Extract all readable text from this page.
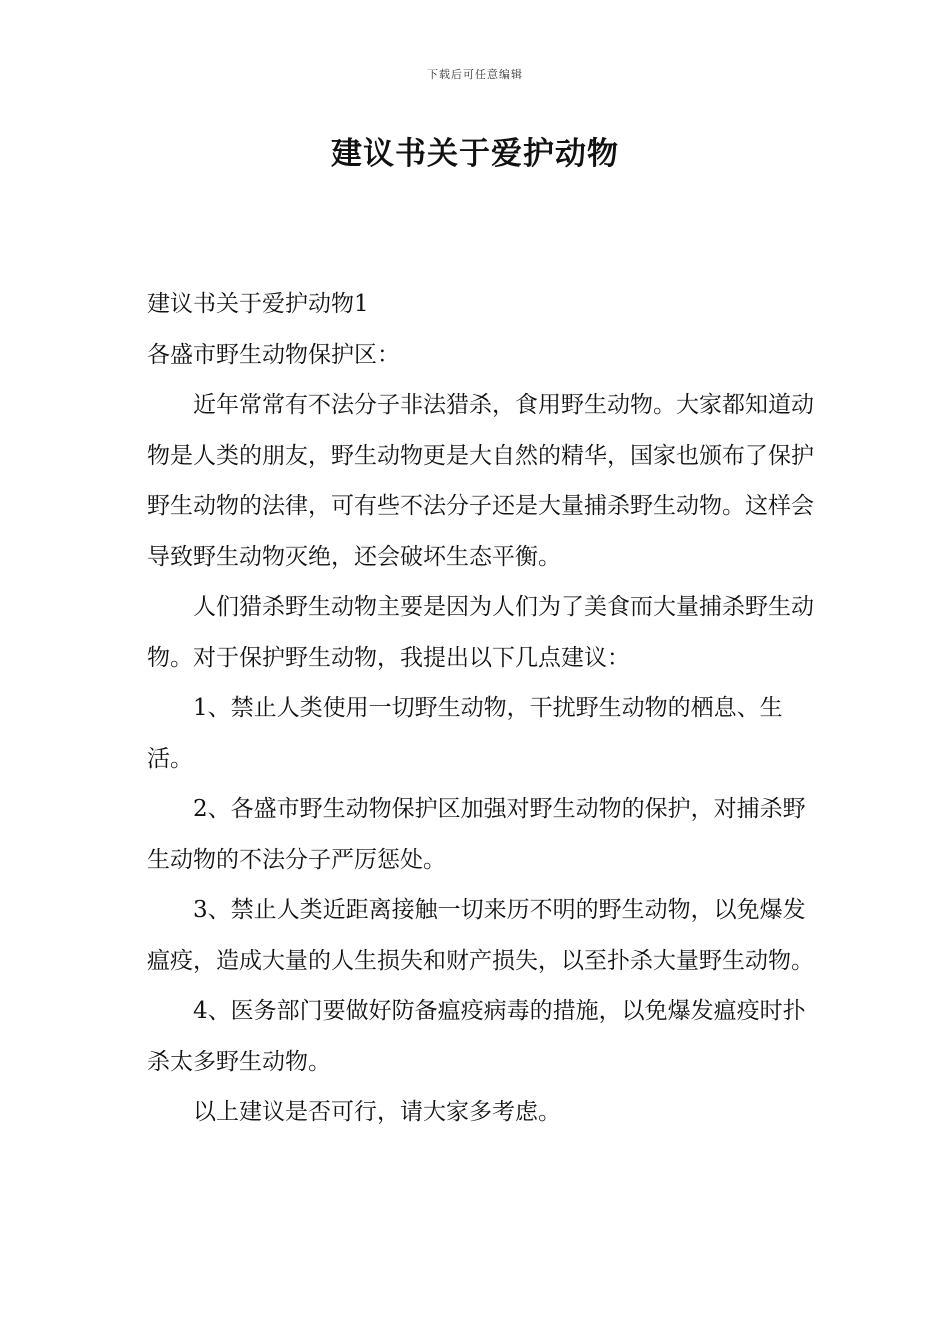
下载后可任意编辑
建议书关于爱护动物

建议书关于爱护动物1

各盛市野生动物保护区：

近年常常有不法分子非法猎杀，食用野生动物。大家都知道动物是人类的朋友，野生动物更是大自然的精华，国家也颁布了保护野生动物的法律，可有些不法分子还是大量捕杀野生动物。这样会导致野生动物灭绝，还会破坏生态平衡。

人们猎杀野生动物主要是因为人们为了美食而大量捕杀野生动物。对于保护野生动物，我提出以下几点建议：

1、禁止人类使用一切野生动物，干扰野生动物的栖息、生活。

2、各盛市野生动物保护区加强对野生动物的保护，对捕杀野生动物的不法分子严厉惩处。

3、禁止人类近距离接触一切来历不明的野生动物，以免爆发瘟疫，造成大量的人生损失和财产损失，以至扑杀大量野生动物。

4、医务部门要做好防备瘟疫病毒的措施，以免爆发瘟疫时扑杀太多野生动物。

以上建议是否可行，请大家多考虑。
